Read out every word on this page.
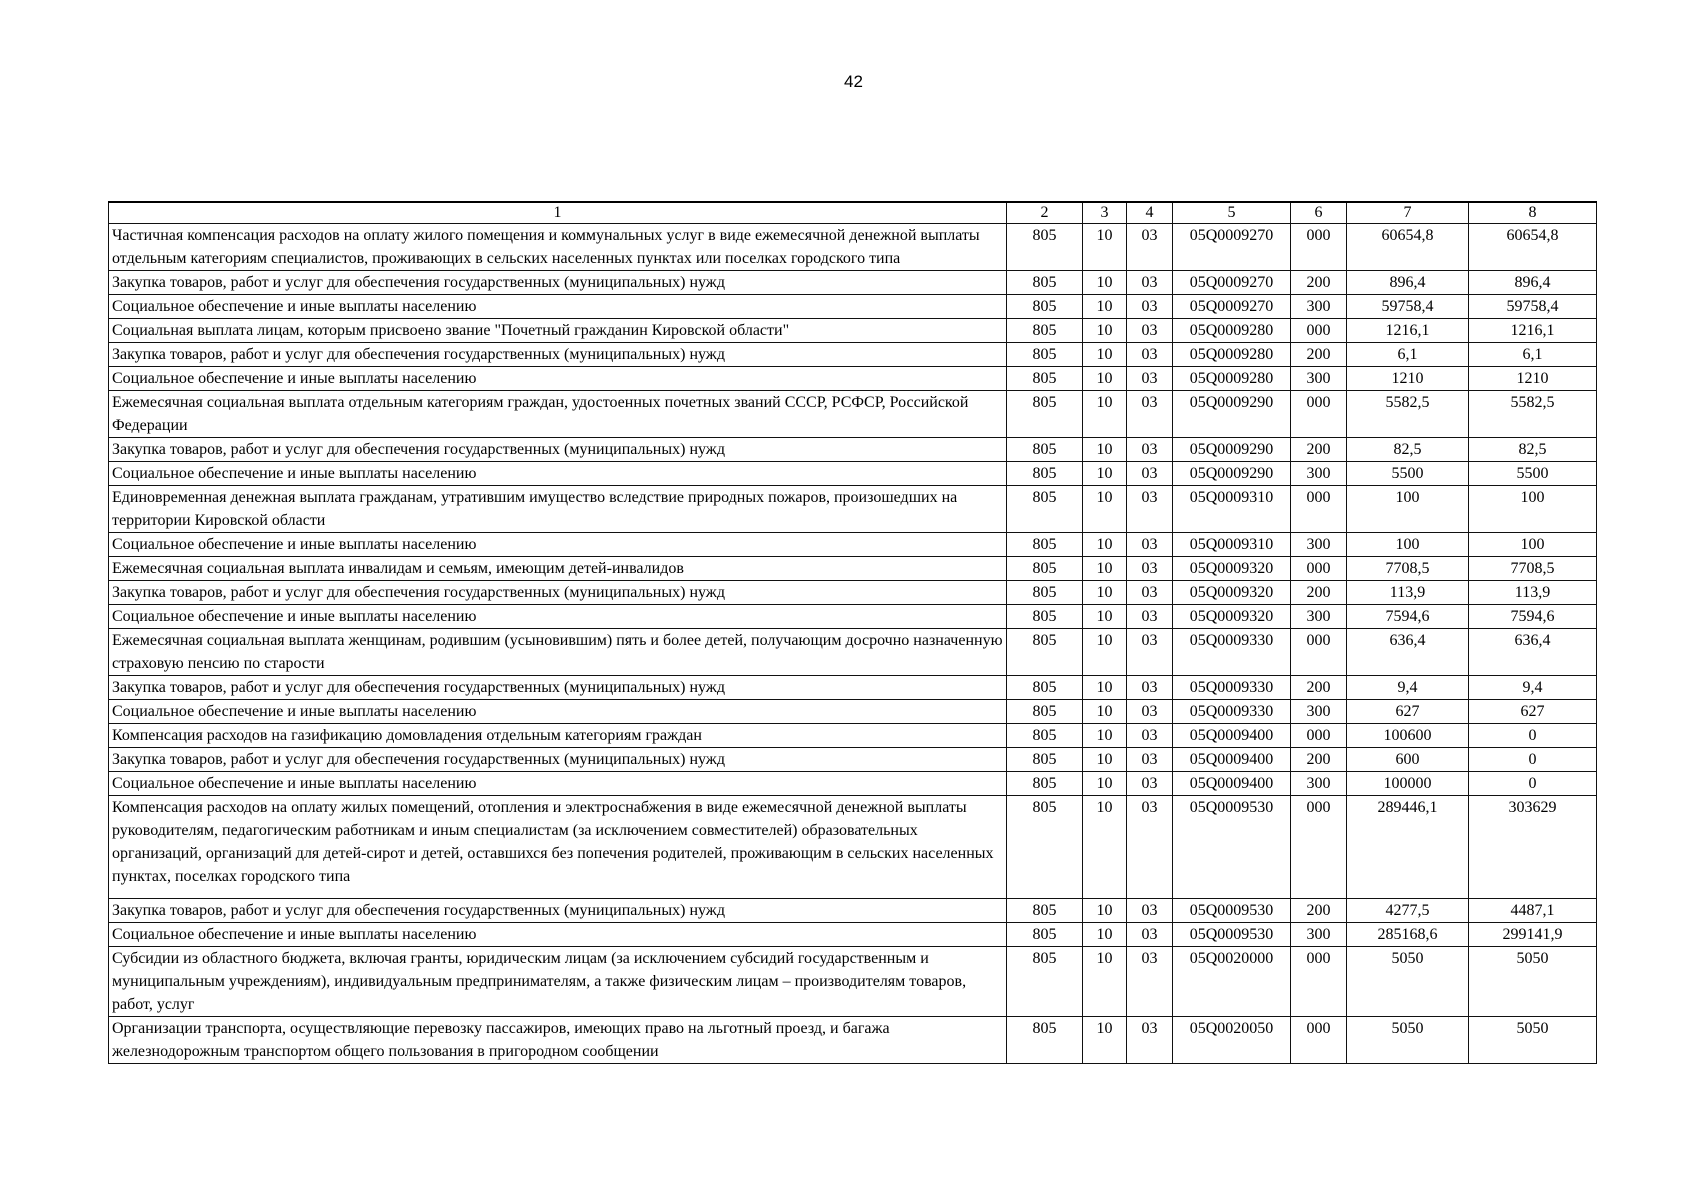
42
1	2	3	4	5	6	7	8
Частичная компенсация расходов на оплату жилого помещения и коммунальных услуг в виде ежемесячной денежной выплаты отдельным категориям специалистов, проживающих в сельских населенных пунктах или поселках городского типа	805	10	03	05Q0009270	000	60654,8	60654,8
Закупка товаров, работ и услуг для обеспечения государственных (муниципальных) нужд	805	10	03	05Q0009270	200	896,4	896,4
Социальное обеспечение и иные выплаты населению	805	10	03	05Q0009270	300	59758,4	59758,4
Социальная выплата лицам, которым присвоено звание "Почетный гражданин Кировской области"	805	10	03	05Q0009280	000	1216,1	1216,1
Закупка товаров, работ и услуг для обеспечения государственных (муниципальных) нужд	805	10	03	05Q0009280	200	6,1	6,1
Социальное обеспечение и иные выплаты населению	805	10	03	05Q0009280	300	1210	1210
Ежемесячная социальная выплата отдельным категориям граждан, удостоенных почетных званий СССР, РСФСР, Российской Федерации	805	10	03	05Q0009290	000	5582,5	5582,5
Закупка товаров, работ и услуг для обеспечения государственных (муниципальных) нужд	805	10	03	05Q0009290	200	82,5	82,5
Социальное обеспечение и иные выплаты населению	805	10	03	05Q0009290	300	5500	5500
Единовременная денежная выплата гражданам, утратившим имущество вследствие природных пожаров, произошедших на территории Кировской области	805	10	03	05Q0009310	000	100	100
Социальное обеспечение и иные выплаты населению	805	10	03	05Q0009310	300	100	100
Ежемесячная социальная выплата инвалидам и семьям, имеющим детей-инвалидов	805	10	03	05Q0009320	000	7708,5	7708,5
Закупка товаров, работ и услуг для обеспечения государственных (муниципальных) нужд	805	10	03	05Q0009320	200	113,9	113,9
Социальное обеспечение и иные выплаты населению	805	10	03	05Q0009320	300	7594,6	7594,6
Ежемесячная социальная выплата женщинам, родившим (усыновившим) пять и более детей, получающим досрочно назначенную страховую пенсию по старости	805	10	03	05Q0009330	000	636,4	636,4
Закупка товаров, работ и услуг для обеспечения государственных (муниципальных) нужд	805	10	03	05Q0009330	200	9,4	9,4
Социальное обеспечение и иные выплаты населению	805	10	03	05Q0009330	300	627	627
Компенсация расходов на газификацию домовладения отдельным категориям граждан	805	10	03	05Q0009400	000	100600	0
Закупка товаров, работ и услуг для обеспечения государственных (муниципальных) нужд	805	10	03	05Q0009400	200	600	0
Социальное обеспечение и иные выплаты населению	805	10	03	05Q0009400	300	100000	0
Компенсация расходов на оплату жилых помещений, отопления и электроснабжения в виде ежемесячной денежной выплаты руководителям, педагогическим работникам и иным специалистам (за исключением совместителей) образовательных организаций, организаций для детей-сирот и детей, оставшихся без попечения родителей, проживающим в сельских населенных пунктах, поселках городского типа	805	10	03	05Q0009530	000	289446,1	303629
Закупка товаров, работ и услуг для обеспечения государственных (муниципальных) нужд	805	10	03	05Q0009530	200	4277,5	4487,1
Социальное обеспечение и иные выплаты населению	805	10	03	05Q0009530	300	285168,6	299141,9
Субсидии из областного бюджета, включая гранты, юридическим лицам (за исключением субсидий государственным и муниципальным учреждениям), индивидуальным предпринимателям, а также физическим лицам – производителям товаров, работ, услуг	805	10	03	05Q0020000	000	5050	5050
Организации транспорта, осуществляющие перевозку пассажиров, имеющих право на льготный проезд, и багажа железнодорожным транспортом общего пользования в пригородном сообщении	805	10	03	05Q0020050	000	5050	5050
